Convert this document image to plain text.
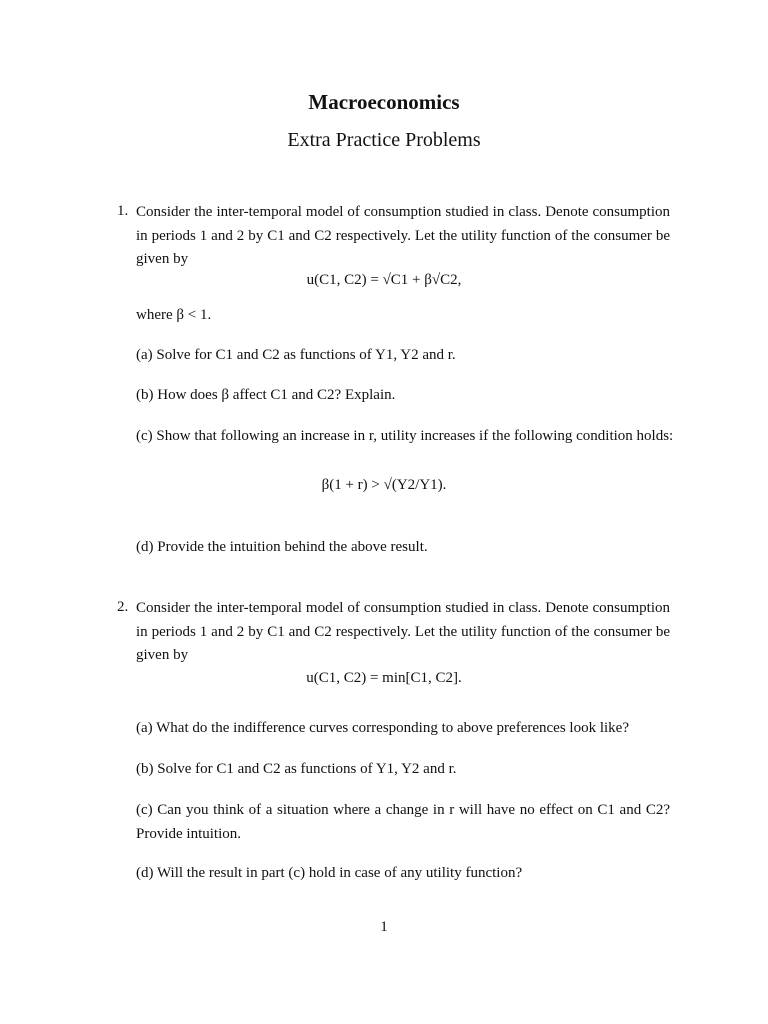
Macroeconomics
Extra Practice Problems
1. Consider the inter-temporal model of consumption studied in class. Denote consumption in periods 1 and 2 by C1 and C2 respectively. Let the utility function of the consumer be given by
u(C1, C2) = √C1 + β√C2,
where β < 1.
(a) Solve for C1 and C2 as functions of Y1, Y2 and r.
(b) How does β affect C1 and C2? Explain.
(c) Show that following an increase in r, utility increases if the following condition holds:
β(1 + r) > √(Y2/Y1).
(d) Provide the intuition behind the above result.
2. Consider the inter-temporal model of consumption studied in class. Denote consumption in periods 1 and 2 by C1 and C2 respectively. Let the utility function of the consumer be given by
u(C1, C2) = min[C1, C2].
(a) What do the indifference curves corresponding to above preferences look like?
(b) Solve for C1 and C2 as functions of Y1, Y2 and r.
(c) Can you think of a situation where a change in r will have no effect on C1 and C2? Provide intuition.
(d) Will the result in part (c) hold in case of any utility function?
1
